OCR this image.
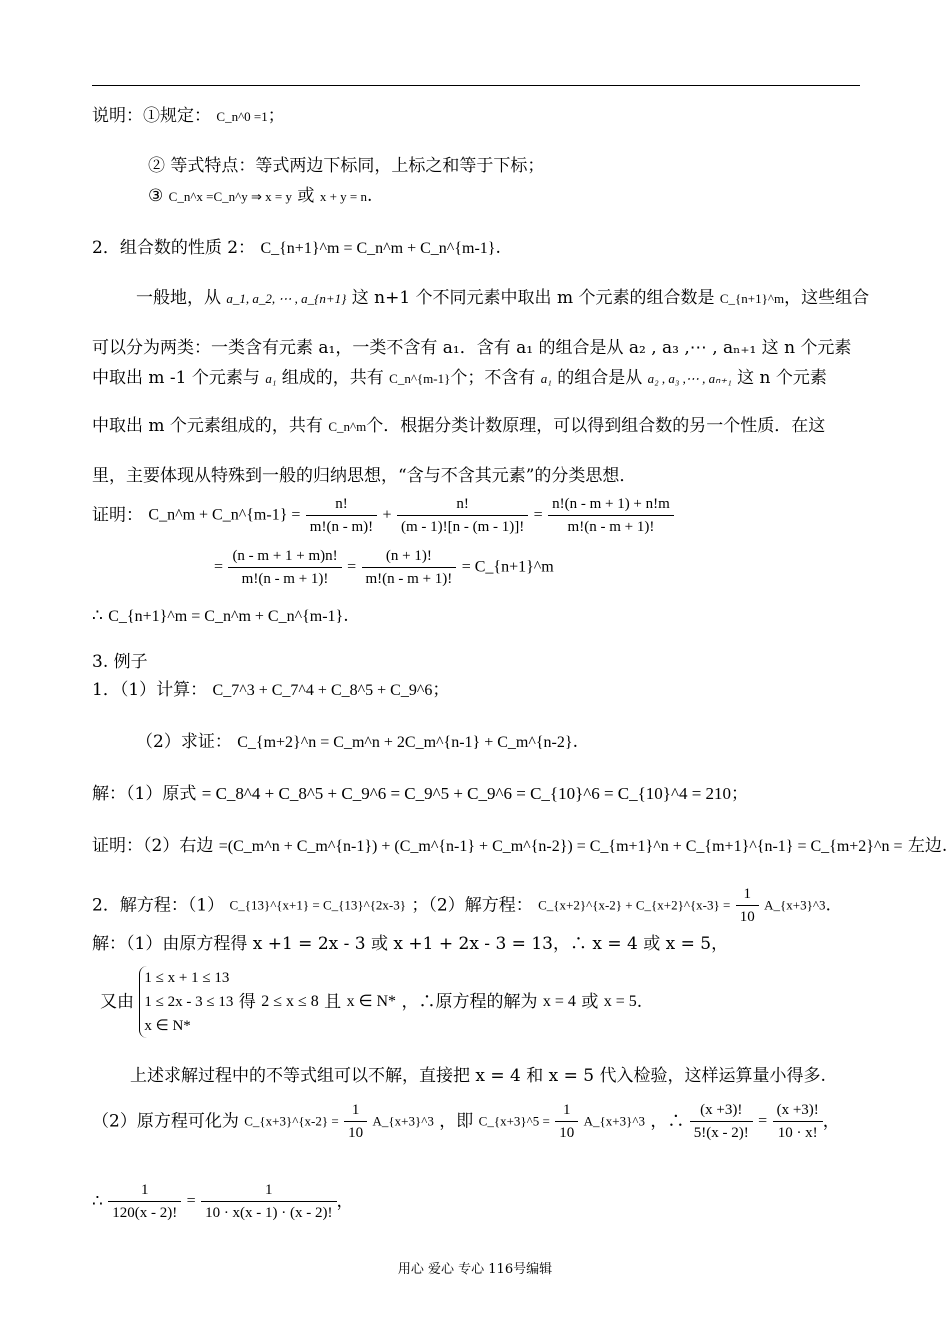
说明：①规定： C_n^0 =1；
② 等式特点：等式两边下标同，上标之和等于下标；
③ C_n^x =C_n^y ⇒ x = y 或 x + y = n.
2．组合数的性质 2： C_{n+1}^m = C_n^m + C_n^{m-1}.
一般地，从 a_1, a_2, ⋯ , a_{n+1} 这 n+1 个不同元素中取出 m 个元素的组合数是 C_{n+1}^m，这些组合
可以分为两类：一类含有元素 a₁，一类不含有 a₁．含有 a₁ 的组合是从 a₂ , a₃ ,⋯ , aₙ₊₁ 这 n 个元素
中取出 m -1 个元素与 a₁ 组成的，共有 C_n^{m-1}个；不含有 a₁ 的组合是从 a₂ , a₃ ,⋯ , aₙ₊₁ 这 n 个元素
中取出 m 个元素组成的，共有 C_n^m个．根据分类计数原理，可以得到组合数的另一个性质．在这
里，主要体现从特殊到一般的归纳思想，“含与不含其元素”的分类思想．
证明： C_n^m + C_n^{m-1} = $\frac{n!}{m!(n - m)!} + \frac{n!}{(m - 1)![n - (m - 1)]!} = \frac{n!(n - m + 1) + n!m}{m!(n - m + 1)!}$
= $\frac{(n - m + 1 + m)n!}{m!(n - m + 1)!} = \frac{(n + 1)!}{m!(n - m + 1)!}$ = C_{n+1}^m
∴ C_{n+1}^m = C_n^m + C_n^{m-1}.
3. 例子
1．（1）计算： C_7^3 + C_7^4 + C_8^5 + C_9^6；
（2）求证： C_{m+2}^n = C_m^n + 2C_m^{n-1} + C_m^{n-2}.
解：（1）原式 = C_8^4 + C_8^5 + C_9^6 = C_9^5 + C_9^6 = C_{10}^6 = C_{10}^4 = 210；
证明：（2）右边 =(C_m^n + C_m^{n-1}) + (C_m^{n-1} + C_m^{n-2}) = C_{m+1}^n + C_{m+1}^{n-1} = C_{m+2}^n = 左边.
2．解方程：（1） C_{13}^{x+1} = C_{13}^{2x-3} ；（2）解方程： C_{x+2}^{x-2} + C_{x+2}^{x-3} = $\frac{1}{10}$ A_{x+3}^3.
解：（1）由原方程得 x +1 = 2x - 3 或 x +1 + 2x - 3 = 13，∴ x = 4 或 x = 5，
又由
1 ≤ x + 1 ≤ 13
1 ≤ 2x - 3 ≤ 13
x ∈ N*
得 2 ≤ x ≤ 8 且 x ∈ N* ，∴原方程的解为 x = 4 或 x = 5.
上述求解过程中的不等式组可以不解，直接把 x = 4 和 x = 5 代入检验，这样运算量小得多.
（2）原方程可化为 C_{x+3}^{x-2} = $\frac{1}{10}$ A_{x+3}^3 ，即 C_{x+3}^5 = $\frac{1}{10}$ A_{x+3}^3 ，∴ $\frac{(x +3)!}{5!(x - 2)!} = \frac{(x +3)!}{10 \cdot x!}$ ，
∴ $\frac{1}{120(x - 2)!} = \frac{1}{10 \cdot x(x - 1) \cdot (x - 2)!}$ ，
用心 爱心 专心 116号编辑
